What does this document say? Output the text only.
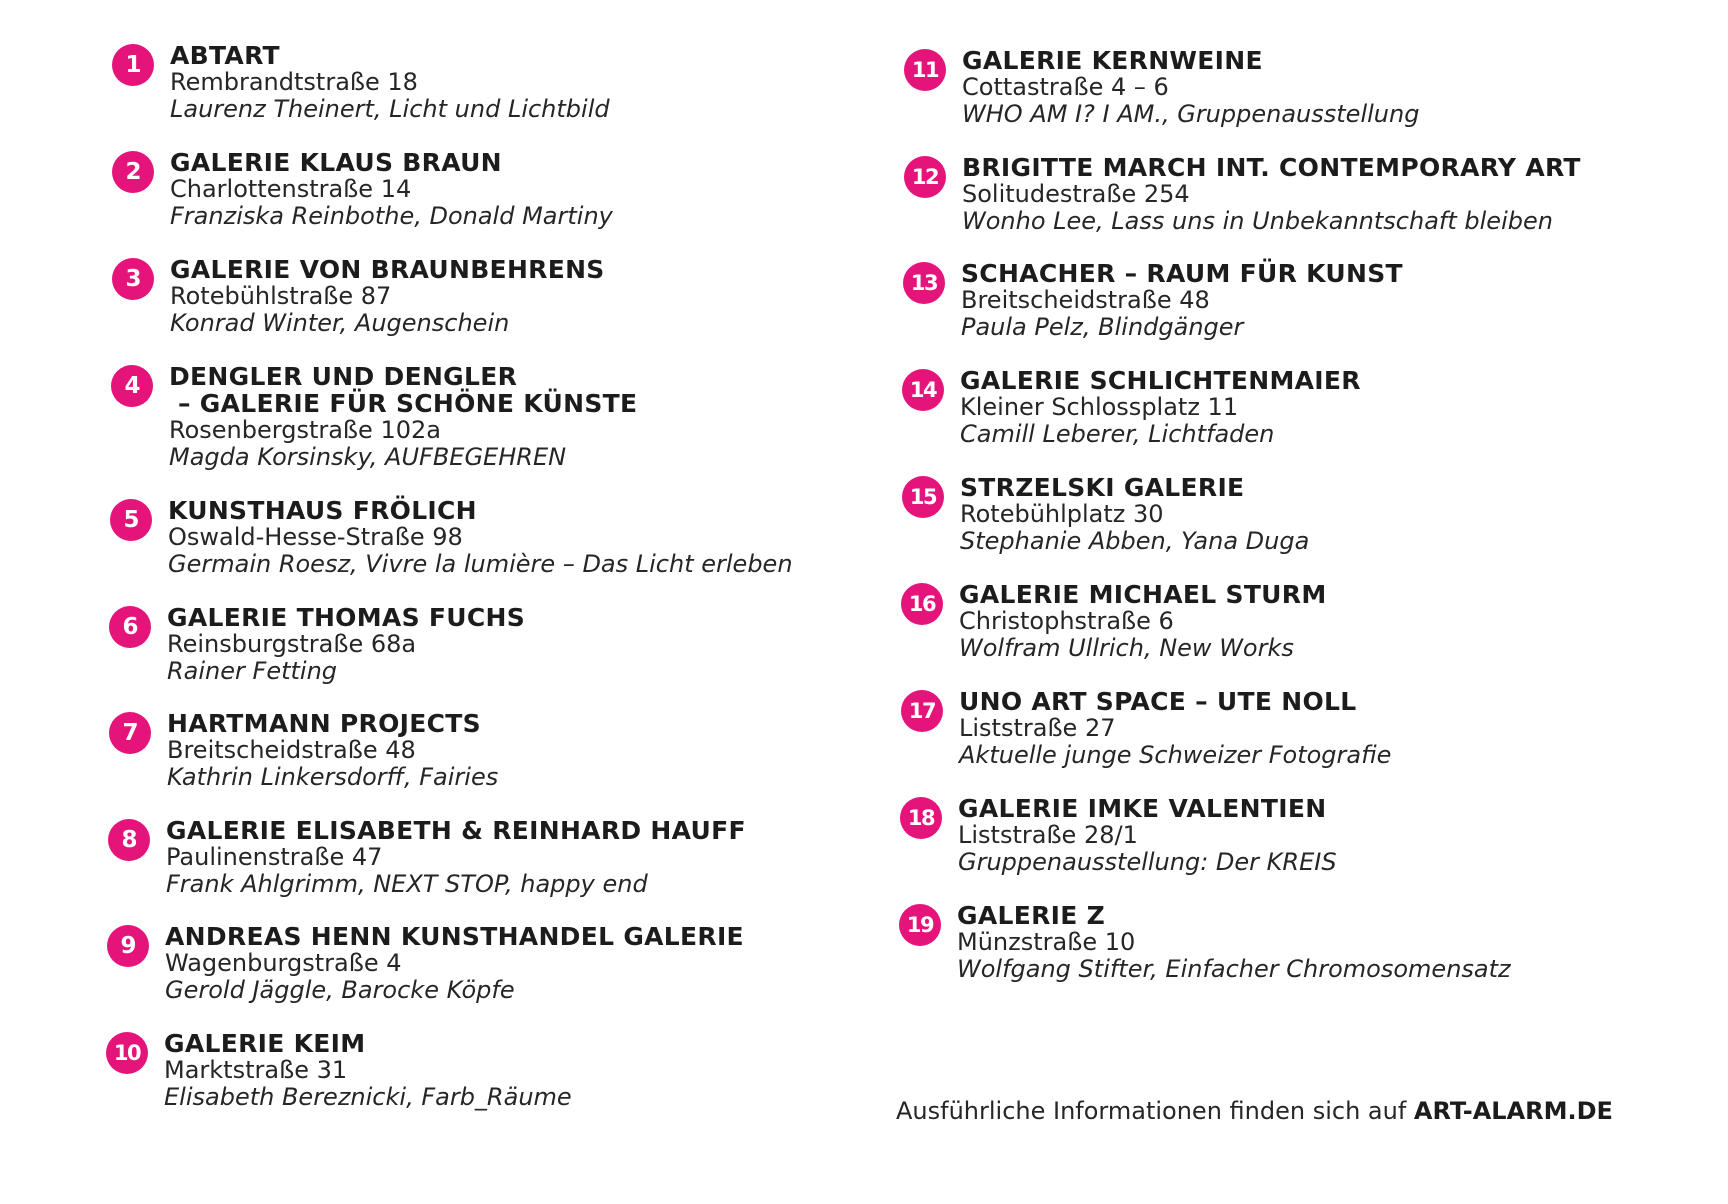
1	ABTART
Rembrandtstraße 18
Laurenz Theinert, Licht und Lichtbild
2	GALERIE KLAUS BRAUN
Charlottenstraße 14
Franziska Reinbothe, Donald Martiny
3	GALERIE VON BRAUNBEHRENS
Rotebühlstraße 87
Konrad Winter, Augenschein
4	DENGLER UND DENGLER
– GALERIE FÜR SCHÖNE KÜNSTE
Rosenbergstraße 102a
Magda Korsinsky, AUFBEGEHREN
5	KUNSTHAUS FRÖLICH
Oswald-Hesse-Straße 98
Germain Roesz, Vivre la lumière – Das Licht erleben
6	GALERIE THOMAS FUCHS
Reinsburgstraße 68a
Rainer Fetting
7	HARTMANN PROJECTS
Breitscheidstraße 48
Kathrin Linkersdorff, Fairies
8	GALERIE ELISABETH & REINHARD HAUFF
Paulinenstraße 47
Frank Ahlgrimm, NEXT STOP, happy end
9	ANDREAS HENN KUNSTHANDEL GALERIE
Wagenburgstraße 4
Gerold Jäggle, Barocke Köpfe
10 GALERIE KEIM
Marktstraße 31
Elisabeth Bereznicki, Farb_Räume
11 GALERIE KERNWEINE
Cottastraße 4 – 6
WHO AM I? I AM., Gruppenausstellung
12 BRIGITTE MARCH INT. CONTEMPORARY ART
Solitudestraße 254
Wonho Lee, Lass uns in Unbekanntschaft bleiben
13 SCHACHER – RAUM FÜR KUNST
Breitscheidstraße 48
Paula Pelz, Blindgänger
14 GALERIE SCHLICHTENMAIER
Kleiner Schlossplatz 11
Camill Leberer, Lichtfaden
15 STRZELSKI GALERIE
Rotebühlplatz 30
Stephanie Abben, Yana Duga
16 GALERIE MICHAEL STURM
Christophstraße 6
Wolfram Ullrich, New Works
17 UNO ART SPACE – UTE NOLL
Liststraße 27
Aktuelle junge Schweizer Fotografie
18 GALERIE IMKE VALENTIEN
Liststraße 28/1
Gruppenausstellung: Der KREIS
19 GALERIE Z
Münzstraße 10
Wolfgang Stifter, Einfacher Chromosomensatz
Ausführliche Informationen finden sich auf ART-ALARM.DE
